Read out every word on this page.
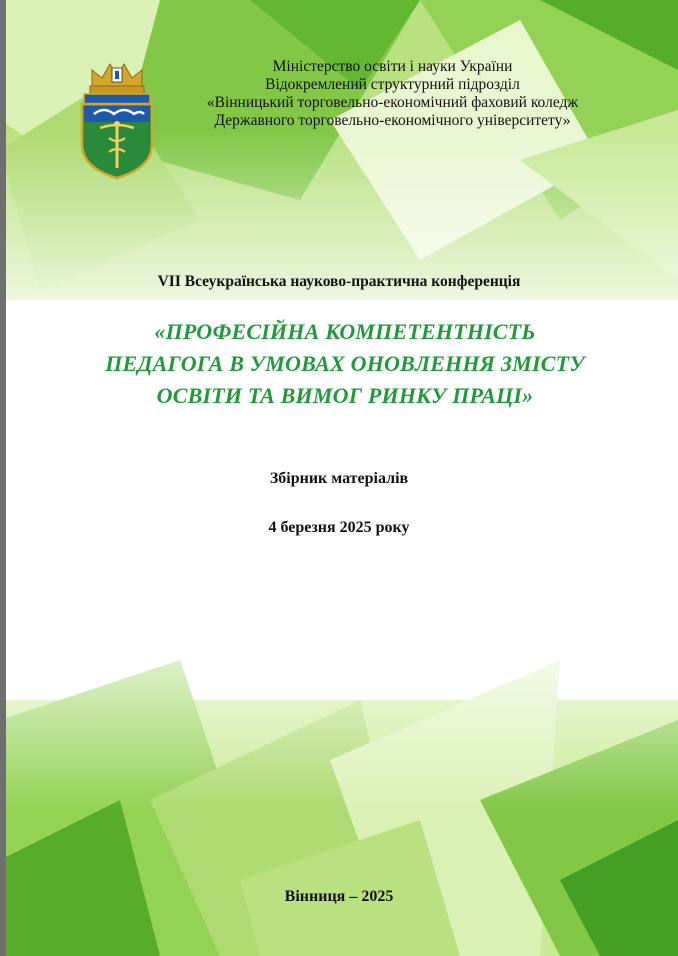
Міністерство освіти і науки України
Відокремлений структурний підрозділ
«Вінницький торговельно-економічний фаховий коледж
Державного торговельно-економічного університету»
VII Всеукраїнська науково-практична конференція
«ПРОФЕСІЙНА КОМПЕТЕНТНІСТЬ
ПЕДАГОГА В УМОВАХ ОНОВЛЕННЯ ЗМІСТУ
ОСВІТИ ТА ВИМОГ РИНКУ ПРАЦІ»
Збірник матеріалів
4 березня 2025 року
Вінниця – 2025
